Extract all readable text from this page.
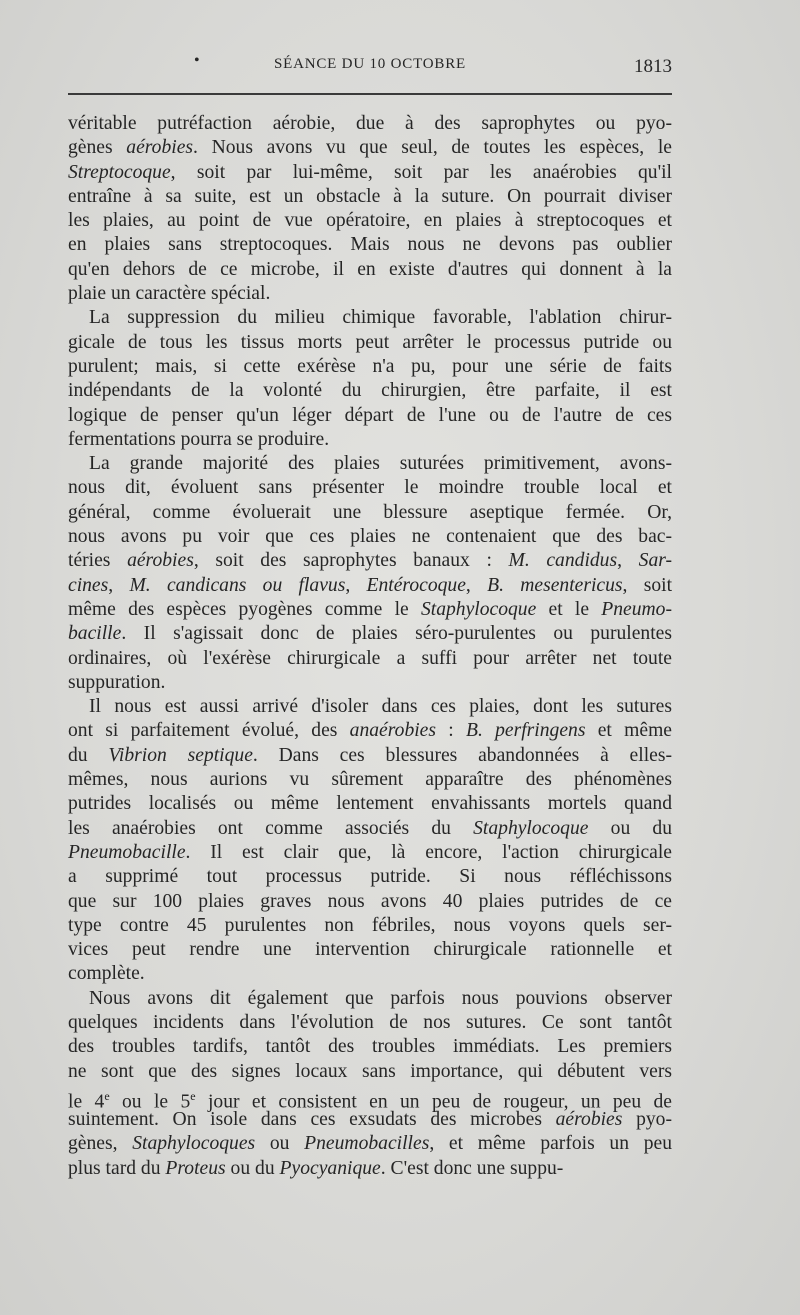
•	SÉANCE DU 10 OCTOBRE	1813
véritable putréfaction aérobie, due à des saprophytes ou pyo-
gènes aérobies. Nous avons vu que seul, de toutes les espèces, le
Streptocoque, soit par lui-même, soit par les anaérobies qu'il
entraîne à sa suite, est un obstacle à la suture. On pourrait diviser
les plaies, au point de vue opératoire, en plaies à streptocoques et
en plaies sans streptocoques. Mais nous ne devons pas oublier
qu'en dehors de ce microbe, il en existe d'autres qui donnent à la
plaie un caractère spécial.
La suppression du milieu chimique favorable, l'ablation chirur-
gicale de tous les tissus morts peut arrêter le processus putride ou
purulent; mais, si cette exérèse n'a pu, pour une série de faits
indépendants de la volonté du chirurgien, être parfaite, il est
logique de penser qu'un léger départ de l'une ou de l'autre de ces
fermentations pourra se produire.
La grande majorité des plaies suturées primitivement, avons-
nous dit, évoluent sans présenter le moindre trouble local et
général, comme évoluerait une blessure aseptique fermée. Or,
nous avons pu voir que ces plaies ne contenaient que des bac-
téries aérobies, soit des saprophytes banaux : M. candidus, Sar-
cines, M. candicans ou flavus, Entérocoque, B. mesentericus, soit
même des espèces pyogènes comme le Staphylocoque et le Pneumo-
bacille. Il s'agissait donc de plaies séro-purulentes ou purulentes
ordinaires, où l'exérèse chirurgicale a suffi pour arrêter net toute
suppuration.
Il nous est aussi arrivé d'isoler dans ces plaies, dont les sutures
ont si parfaitement évolué, des anaérobies : B. perfringens et même
du Vibrion septique. Dans ces blessures abandonnées à elles-
mêmes, nous aurions vu sûrement apparaître des phénomènes
putrides localisés ou même lentement envahissants mortels quand
les anaérobies ont comme associés du Staphylocoque ou du
Pneumobacille. Il est clair que, là encore, l'action chirurgicale
a supprimé tout processus putride. Si nous réfléchissons
que sur 100 plaies graves nous avons 40 plaies putrides de ce
type contre 45 purulentes non fébriles, nous voyons quels ser-
vices peut rendre une intervention chirurgicale rationnelle et
complète.
Nous avons dit également que parfois nous pouvions observer
quelques incidents dans l'évolution de nos sutures. Ce sont tantôt
des troubles tardifs, tantôt des troubles immédiats. Les premiers
ne sont que des signes locaux sans importance, qui débutent vers
le 4e ou le 5e jour et consistent en un peu de rougeur, un peu de
suintement. On isole dans ces exsudats des microbes aérobies pyo-
gènes, Staphylocoques ou Pneumobacilles, et même parfois un peu
plus tard du Proteus ou du Pyocyanique. C'est donc une suppu-
